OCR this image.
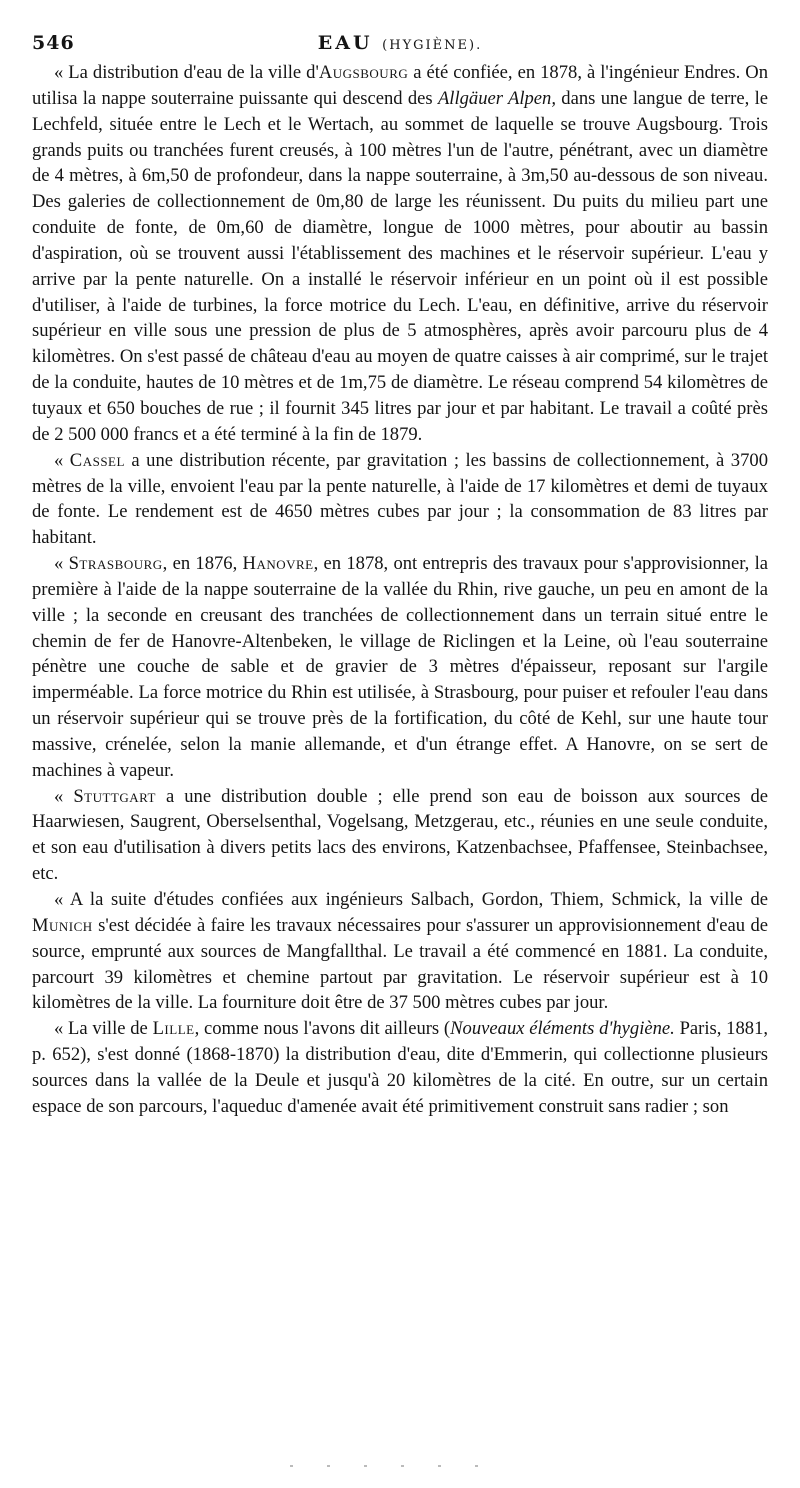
546	EAU (HYGIÈNE).

« La distribution d'eau de la ville d'Augsbourg a été confiée, en 1878, à l'ingénieur Endres. On utilisa la nappe souterraine puissante qui descend des Allgäuer Alpen, dans une langue de terre, le Lechfeld, située entre le Lech et le Wertach, au sommet de laquelle se trouve Augsbourg. Trois grands puits ou tranchées furent creusés, à 100 mètres l'un de l'autre, pénétrant, avec un diamètre de 4 mètres, à 6m,50 de profondeur, dans la nappe souterraine, à 3m,50 au-dessous de son niveau. Des galeries de collectionnement de 0m,80 de large les réunissent. Du puits du milieu part une conduite de fonte, de 0m,60 de diamètre, longue de 1000 mètres, pour aboutir au bassin d'aspiration, où se trouvent aussi l'établissement des machines et le réservoir supérieur. L'eau y arrive par la pente naturelle. On a installé le réservoir inférieur en un point où il est possible d'utiliser, à l'aide de turbines, la force motrice du Lech. L'eau, en définitive, arrive du réservoir supérieur en ville sous une pression de plus de 5 atmosphères, après avoir parcouru plus de 4 kilomètres. On s'est passé de château d'eau au moyen de quatre caisses à air comprimé, sur le trajet de la conduite, hautes de 10 mètres et de 1m,75 de diamètre. Le réseau comprend 54 kilomètres de tuyaux et 650 bouches de rue ; il fournit 345 litres par jour et par habitant. Le travail a coûté près de 2 500 000 francs et a été terminé à la fin de 1879.

« Cassel a une distribution récente, par gravitation ; les bassins de collectionnement, à 3700 mètres de la ville, envoient l'eau par la pente naturelle, à l'aide de 17 kilomètres et demi de tuyaux de fonte. Le rendement est de 4650 mètres cubes par jour ; la consommation de 83 litres par habitant.

« Strasbourg, en 1876, Hanovre, en 1878, ont entrepris des travaux pour s'approvisionner, la première à l'aide de la nappe souterraine de la vallée du Rhin, rive gauche, un peu en amont de la ville ; la seconde en creusant des tranchées de collectionnement dans un terrain situé entre le chemin de fer de Hanovre-Altenbeken, le village de Riclingen et la Leine, où l'eau souterraine pénètre une couche de sable et de gravier de 3 mètres d'épaisseur, reposant sur l'argile imperméable. La force motrice du Rhin est utilisée, à Strasbourg, pour puiser et refouler l'eau dans un réservoir supérieur qui se trouve près de la fortification, du côté de Kehl, sur une haute tour massive, crénelée, selon la manie allemande, et d'un étrange effet. A Hanovre, on se sert de machines à vapeur.

« Stuttgart a une distribution double ; elle prend son eau de boisson aux sources de Haarwiesen, Saugrent, Oberselsenthal, Vogelsang, Metzgerau, etc., réunies en une seule conduite, et son eau d'utilisation à divers petits lacs des environs, Katzenbachsee, Pfaffensee, Steinbachsee, etc.

« A la suite d'études confiées aux ingénieurs Salbach, Gordon, Thiem, Schmick, la ville de Munich s'est décidée à faire les travaux nécessaires pour s'assurer un approvisionnement d'eau de source, emprunté aux sources de Mangfallthal. Le travail a été commencé en 1881. La conduite, parcourt 39 kilomètres et chemine partout par gravitation. Le réservoir supérieur est à 10 kilomètres de la ville. La fourniture doit être de 37 500 mètres cubes par jour.

« La ville de Lille, comme nous l'avons dit ailleurs (Nouveaux éléments d'hygiène. Paris, 1881, p. 652), s'est donné (1868-1870) la distribution d'eau, dite d'Emmerin, qui collectionne plusieurs sources dans la vallée de la Deule et jusqu'à 20 kilomètres de la cité. En outre, sur un certain espace de son parcours, l'aqueduc d'amenée avait été primitivement construit sans radier ; son
